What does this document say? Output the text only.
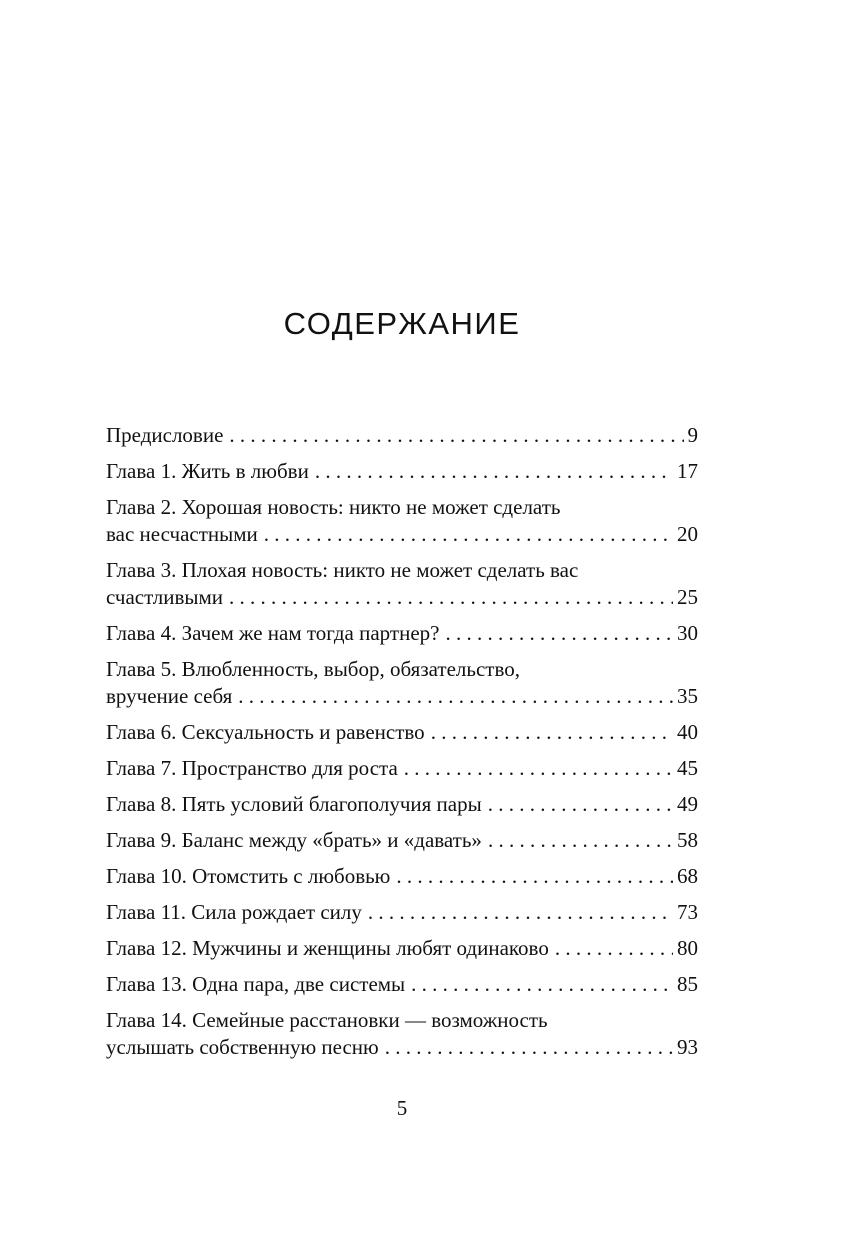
СОДЕРЖАНИЕ
Предисловие . . .	9
Глава 1. Жить в любви . . .	17
Глава 2. Хорошая новость: никто не может сделать
вас несчастными . . .	20
Глава 3. Плохая новость: никто не может сделать вас
счастливыми . . .	25
Глава 4. Зачем же нам тогда партнер? . . .	30
Глава 5. Влюбленность, выбор, обязательство,
вручение себя . . .	35
Глава 6. Сексуальность и равенство . . .	40
Глава 7. Пространство для роста . . .	45
Глава 8. Пять условий благополучия пары . . .	49
Глава 9. Баланс между «брать» и «давать» . . .	58
Глава 10. Отомстить с любовью . . .	68
Глава 11. Сила рождает силу . . .	73
Глава 12. Мужчины и женщины любят одинаково . . .	80
Глава 13. Одна пара, две системы . . .	85
Глава 14. Семейные расстановки — возможность
услышать собственную песню . . .	93
5
